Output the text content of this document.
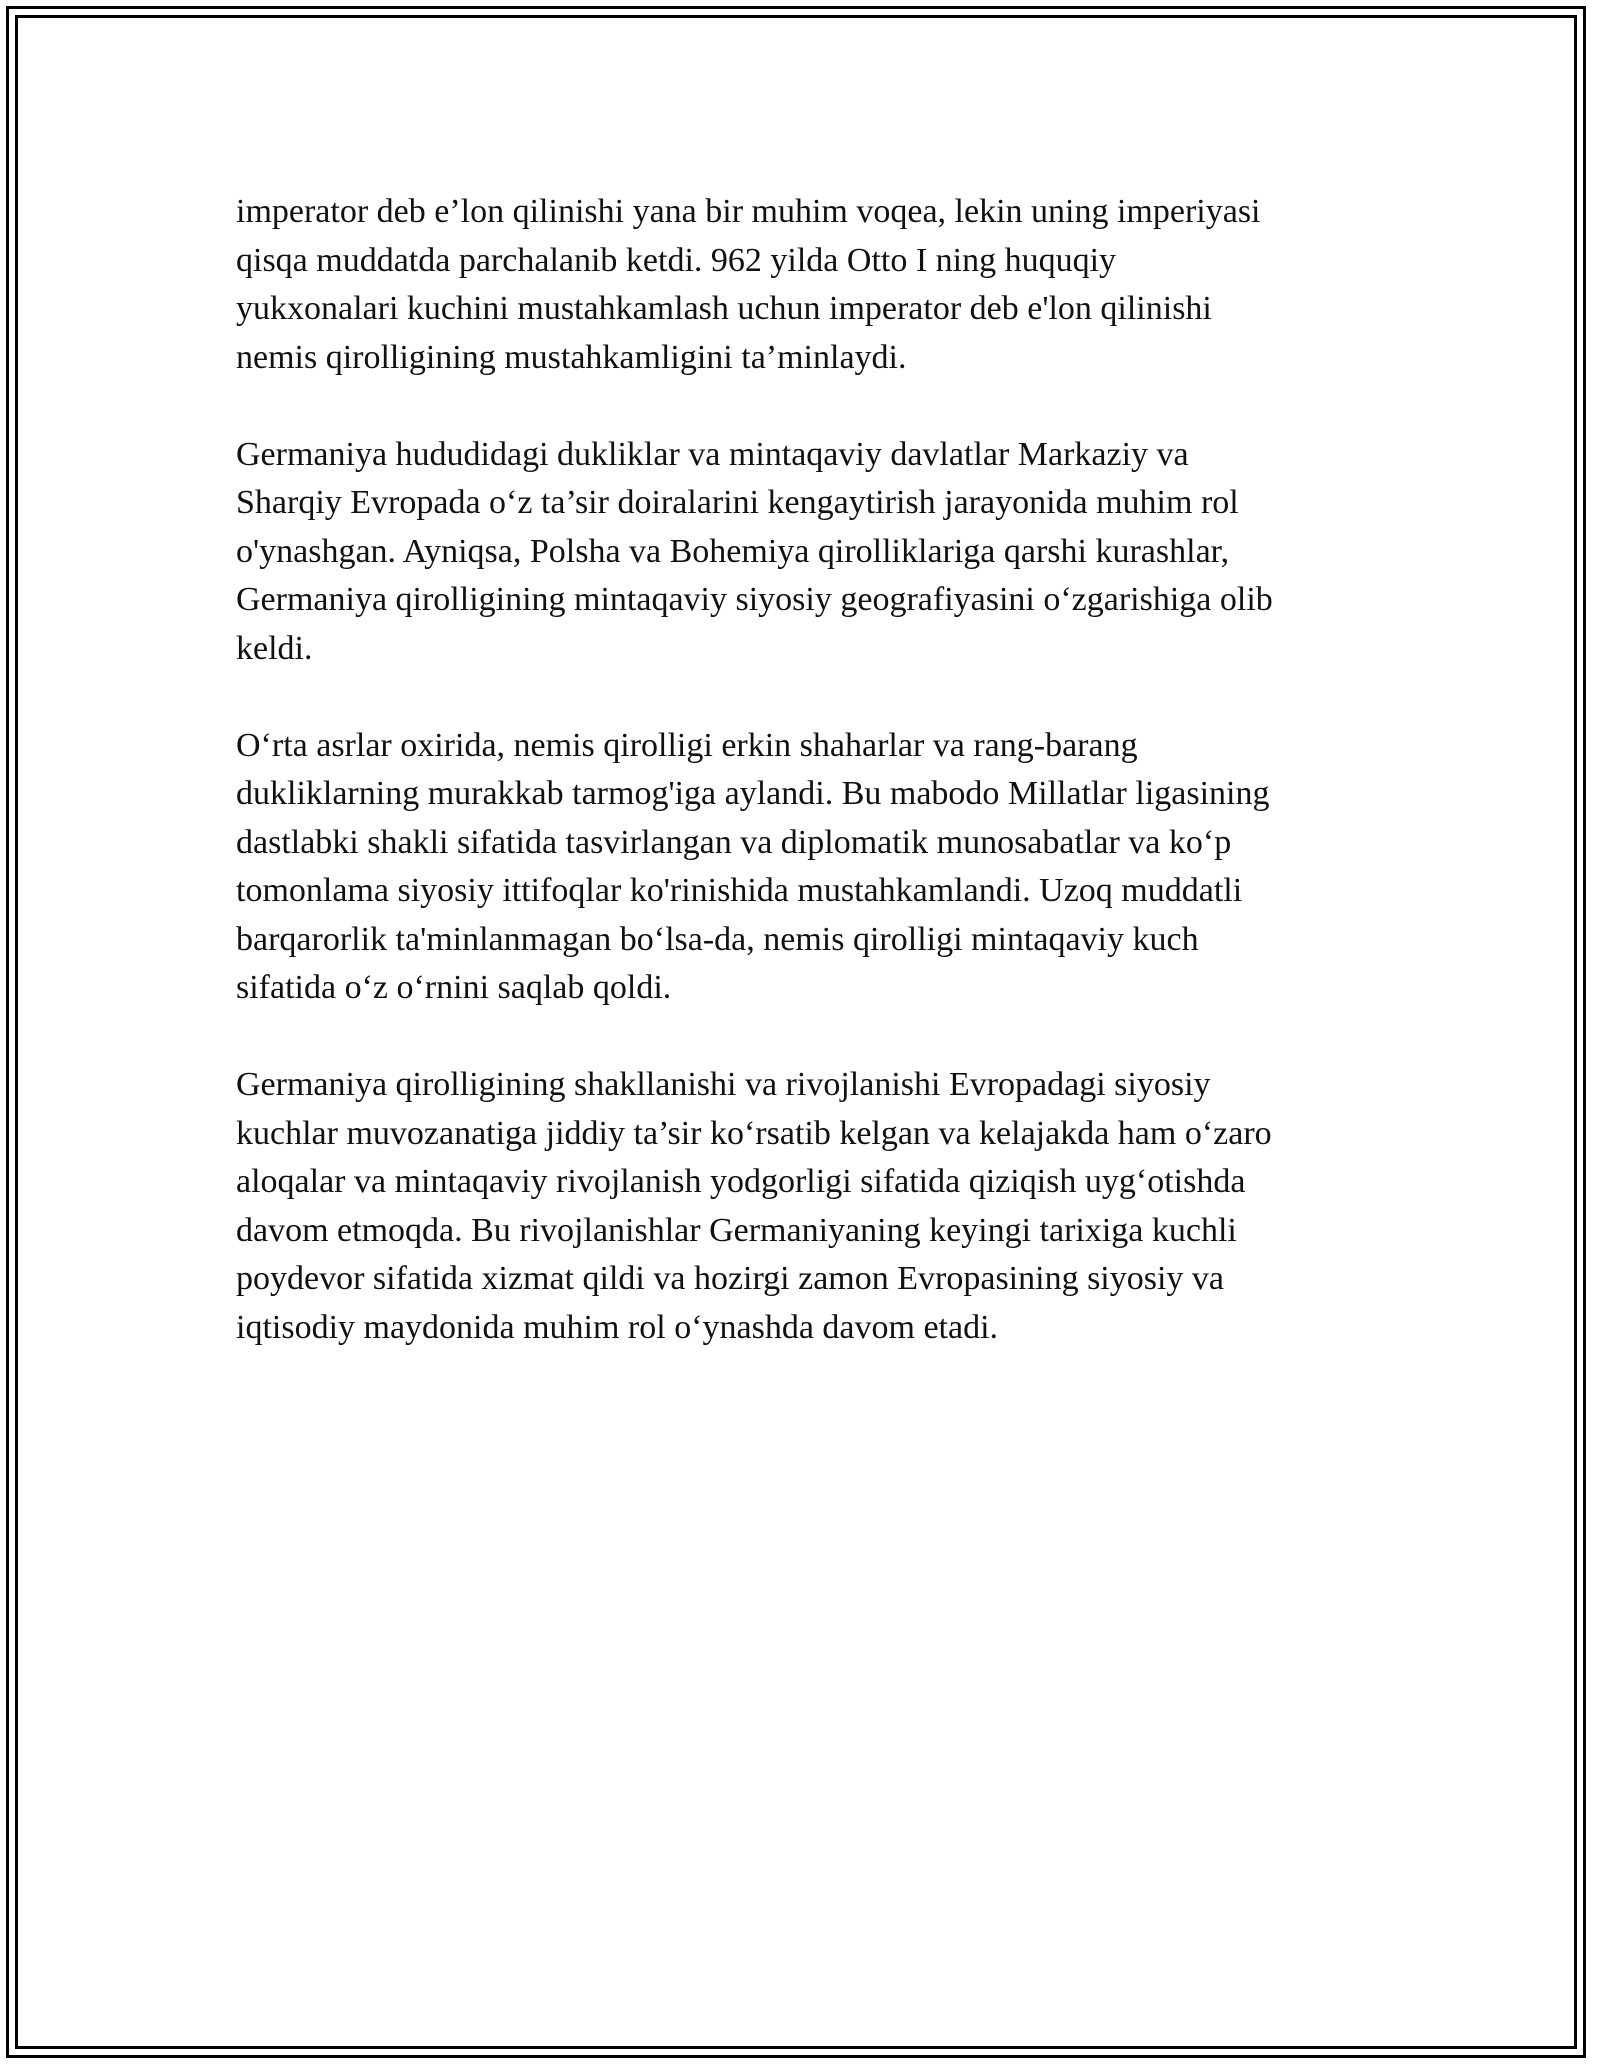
imperator deb e’lon qilinishi yana bir muhim voqea, lekin uning imperiyasi
qisqa muddatda parchalanib ketdi. 962 yilda Otto I ning huquqiy
yukxonalari kuchini mustahkamlash uchun imperator deb e'lon qilinishi
nemis qirolligining mustahkamligini ta’minlaydi.

Germaniya hududidagi dukliklar va mintaqaviy davlatlar Markaziy va
Sharqiy Evropada o‘z ta’sir doiralarini kengaytirish jarayonida muhim rol
o'ynashgan. Ayniqsa, Polsha va Bohemiya qirolliklariga qarshi kurashlar,
Germaniya qirolligining mintaqaviy siyosiy geografiyasini o‘zgarishiga olib
keldi.

O‘rta asrlar oxirida, nemis qirolligi erkin shaharlar va rang-barang
dukliklarning murakkab tarmog'iga aylandi. Bu mabodo Millatlar ligasining
dastlabki shakli sifatida tasvirlangan va diplomatik munosabatlar va ko‘p
tomonlama siyosiy ittifoqlar ko'rinishida mustahkamlandi. Uzoq muddatli
barqarorlik ta'minlanmagan bo‘lsa-da, nemis qirolligi mintaqaviy kuch
sifatida o‘z o‘rnini saqlab qoldi.

Germaniya qirolligining shakllanishi va rivojlanishi Evropadagi siyosiy
kuchlar muvozanatiga jiddiy ta’sir ko‘rsatib kelgan va kelajakda ham o‘zaro
aloqalar va mintaqaviy rivojlanish yodgorligi sifatida qiziqish uyg‘otishda
davom etmoqda. Bu rivojlanishlar Germaniyaning keyingi tarixiga kuchli
poydevor sifatida xizmat qildi va hozirgi zamon Evropasining siyosiy va
iqtisodiy maydonida muhim rol o‘ynashda davom etadi.
